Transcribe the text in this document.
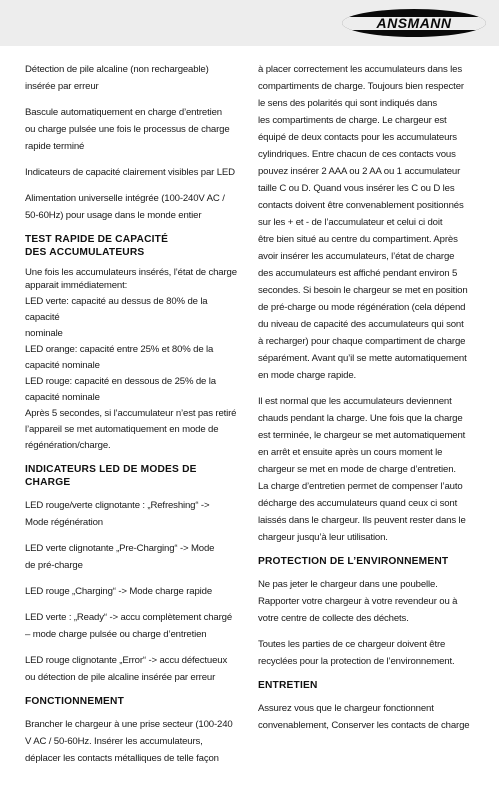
ANSMANN

Détection de pile alcaline (non rechargeable)
insérée par erreur

Bascule automatiquement en charge d’entretien
ou charge pulsée une fois le processus de charge
rapide terminé

Indicateurs de capacité clairement visibles par LED

Alimentation universelle intégrée (100-240V AC /
50-60Hz) pour usage dans le monde entier

TEST RAPIDE DE CAPACITÉ
DES ACCUMULATEURS

Une fois les accumulateurs insérés, l’état de charge
apparait immédiatement:
LED verte: capacité au dessus de 80% de la capacité
nominale
LED orange: capacité entre 25% et 80% de la
capacité nominale
LED rouge: capacité en dessous de 25% de la
capacité nominale
Après 5 secondes, si l’accumulateur n’est pas retiré
l’appareil se met automatiquement en mode de
régénération/charge.

INDICATEURS LED DE MODES DE CHARGE

LED rouge/verte clignotante : „Refreshing“ ->
Mode régénération

LED verte clignotante „Pre-Charging“ -> Mode
de pré-charge

LED rouge „Charging“ -> Mode charge rapide

LED verte : „Ready“ -> accu complètement chargé
– mode charge pulsée ou charge d’entretien

LED rouge clignotante „Error“ -> accu défectueux
ou détection de pile alcaline insérée par erreur

FONCTIONNEMENT

Brancher le chargeur à une prise secteur (100-240
V AC / 50-60Hz. Insérer les accumulateurs,
déplacer les contacts métalliques de telle façon

à placer correctement les accumulateurs dans les
compartiments de charge. Toujours bien respecter
le sens des polarités qui sont indiqués dans
les compartiments de charge. Le chargeur est
équipé de deux contacts pour les accumulateurs
cylindriques. Entre chacun de ces contacts vous
pouvez insérer 2 AAA ou 2 AA ou 1 accumulateur
taille C ou D. Quand vous insérer les C ou D les
contacts doivent être convenablement positionnés
sur les + et - de l’accumulateur et celui ci doit
être bien situé au centre du compartiment. Après
avoir insérer les accumulateurs, l’état de charge
des accumulateurs est affiché pendant environ 5
secondes. Si besoin le chargeur se met en position
de pré-charge ou mode régénération (cela dépend
du niveau de capacité des accumulateurs qui sont
à recharger) pour chaque compartiment de charge
séparément. Avant qu’il se mette automatiquement
en mode charge rapide.

Il est normal que les accumulateurs deviennent
chauds pendant la charge. Une fois que la charge
est terminée, le chargeur se met automatiquement
en arrêt et ensuite après un cours moment le
chargeur se met en mode de charge d’entretien.
La charge d’entretien permet de compenser l’auto
décharge des accumulateurs quand ceux ci sont
laissés dans le chargeur. Ils peuvent rester dans le
chargeur jusqu’à leur utilisation.

PROTECTION DE L’ENVIRONNEMENT

Ne pas jeter le chargeur dans une poubelle.
Rapporter votre chargeur à votre revendeur ou à
votre centre de collecte des déchets.

Toutes les parties de ce chargeur doivent être
recyclées pour la protection de l’environnement.

ENTRETIEN

Assurez vous que le chargeur fonctionnent
convenablement, Conserver les contacts de charge
